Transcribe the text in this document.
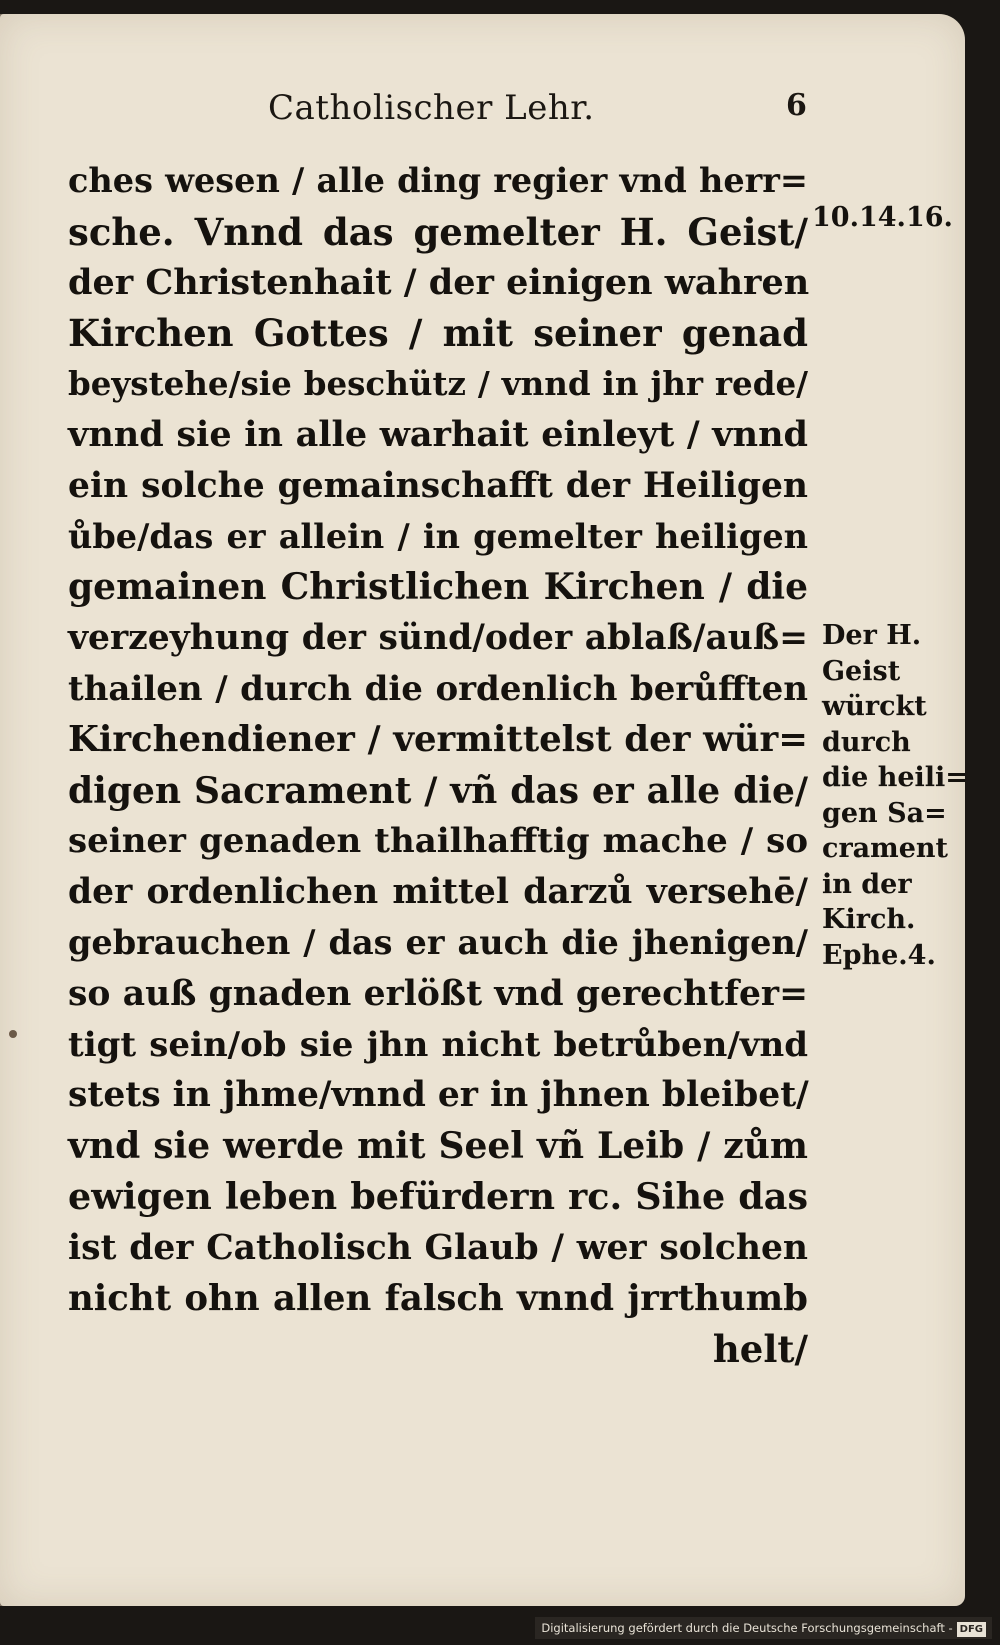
Catholischer Lehr.	6
ches wesen / alle ding regier vnd herr=
sche. Vnnd das gemelter H. Geist/
der Christenhait / der einigen wahren
Kirchen Gottes / mit seiner genad
beystehe/sie beschütz / vnnd in jhr rede/
vnnd sie in alle warhait einleyt / vnnd
ein solche gemainschafft der Heiligen
ůbe/das er allein / in gemelter heiligen
gemainen Christlichen Kirchen / die
verzeyhung der sünd/oder ablaß/auß=
thailen / durch die ordenlich berůfften
Kirchendiener / vermittelst der wür=
digen Sacrament / vñ das er alle die/
seiner genaden thailhafftig mache / so
der ordenlichen mittel darzů versehē/
gebrauchen / das er auch die jhenigen/
so auß gnaden erlößt vnd gerechtfer=
tigt sein/ob sie jhn nicht betrůben/vnd
stets in jhme/vnnd er in jhnen bleibet/
vnd sie werde mit Seel vñ Leib / zům
ewigen leben befürdern rc. Sihe das
ist der Catholisch Glaub / wer solchen
nicht ohn allen falsch vnnd jrrthumb
helt/
10.14.16.
Der H.
Geist
würckt
durch
die heili=
gen Sa=
crament
in der
Kirch.
Ephe.4.
Digitalisierung gefördert durch die Deutsche Forschungsgemeinschaft - DFG
